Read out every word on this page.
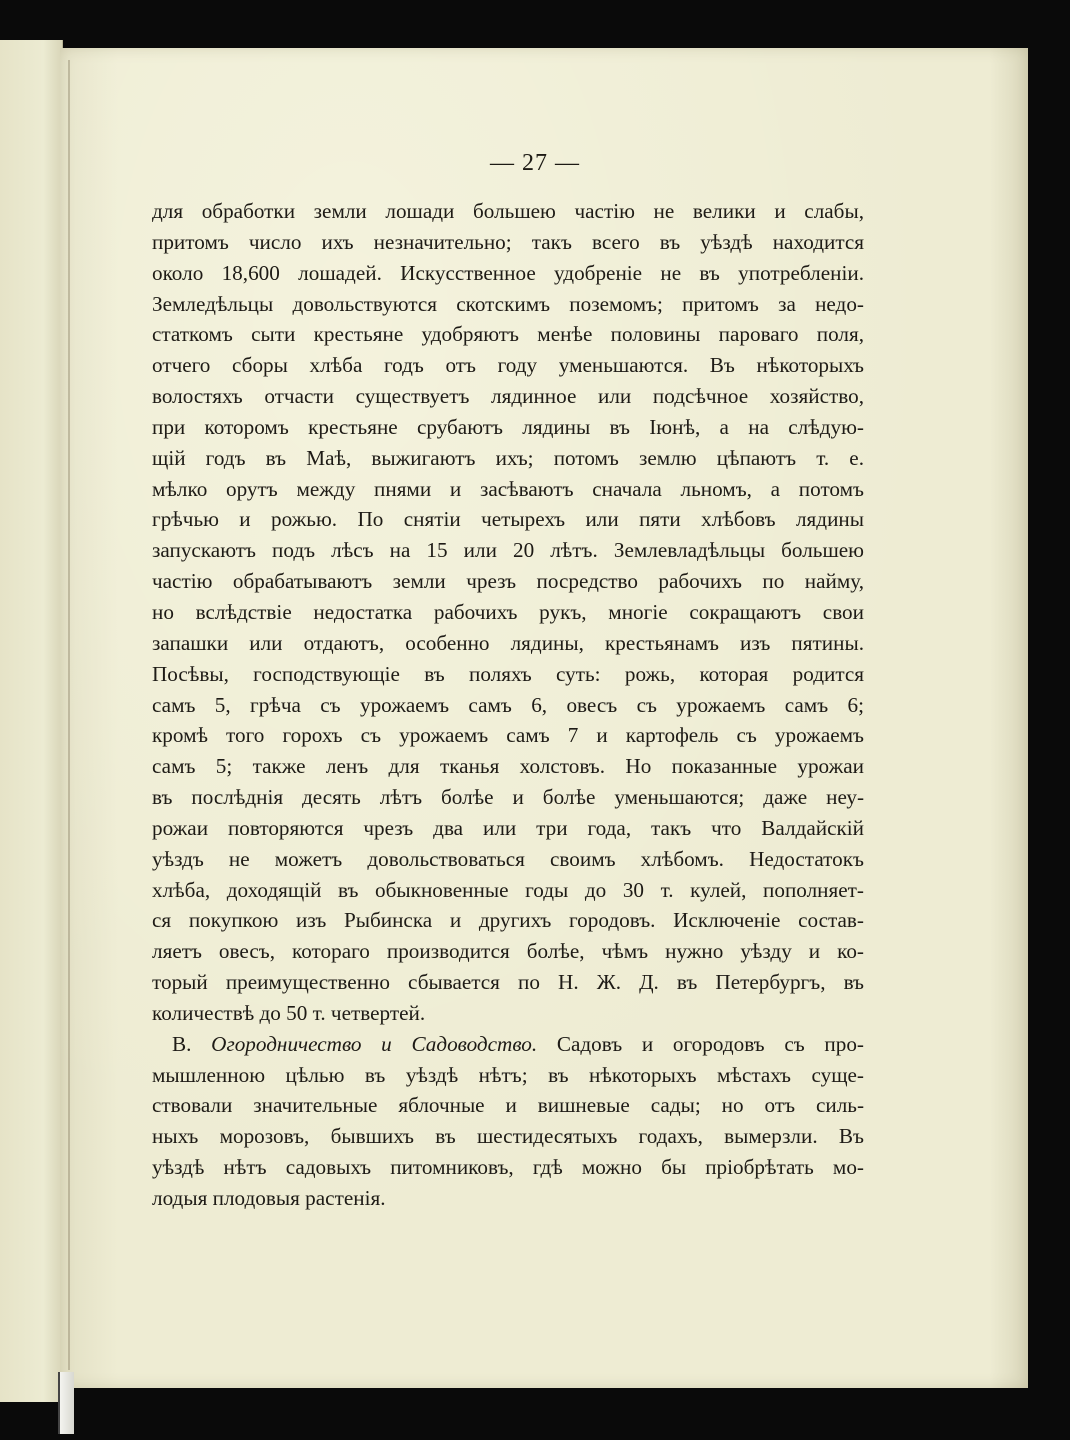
— 27 —
для обработки земли лошади большею частію не велики и слабы,
притомъ число ихъ незначительно; такъ всего въ уѣздѣ находится
около 18,600 лошадей. Искусственное удобреніе не въ употребленіи.
Земледѣльцы довольствуются скотскимъ поземомъ; притомъ за недо-
статкомъ сыти крестьяне удобряютъ менѣе половины пароваго поля,
отчего сборы хлѣба годъ отъ году уменьшаются. Въ нѣкоторыхъ
волостяхъ отчасти существуетъ лядинное или подсѣчное хозяйство,
при которомъ крестьяне срубаютъ лядины въ Іюнѣ, а на слѣдую-
щій годъ въ Маѣ, выжигаютъ ихъ; потомъ землю цѣпаютъ т. е.
мѣлко орутъ между пнями и засѣваютъ сначала льномъ, а потомъ
грѣчью и рожью. По снятіи четырехъ или пяти хлѣбовъ лядины
запускаютъ подъ лѣсъ на 15 или 20 лѣтъ. Землевладѣльцы большею
частію обрабатываютъ земли чрезъ посредство рабочихъ по найму,
но вслѣдствіе недостатка рабочихъ рукъ, многіе сокращаютъ свои
запашки или отдаютъ, особенно лядины, крестьянамъ изъ пятины.
Посѣвы, господствующіе въ поляхъ суть: рожь, которая родится
самъ 5, грѣча съ урожаемъ самъ 6, овесъ съ урожаемъ самъ 6;
кромѣ того горохъ съ урожаемъ самъ 7 и картофель съ урожаемъ
самъ 5; также ленъ для тканья холстовъ. Но показанные урожаи
въ послѣднія десять лѣтъ болѣе и болѣе уменьшаются; даже неу-
рожаи повторяются чрезъ два или три года, такъ что Валдайскій
уѣздъ не можетъ довольствоваться своимъ хлѣбомъ. Недостатокъ
хлѣба, доходящій въ обыкновенные годы до 30 т. кулей, пополняет-
ся покупкою изъ Рыбинска и другихъ городовъ. Исключеніе состав-
ляетъ овесъ, котораго производится болѣе, чѣмъ нужно уѣзду и ко-
торый преимущественно сбывается по Н. Ж. Д. въ Петербургъ, въ
количествѣ до 50 т. четвертей.
В. Огородничество и Садоводство. Садовъ и огородовъ съ про-
мышленною цѣлью въ уѣздѣ нѣтъ; въ нѣкоторыхъ мѣстахъ суще-
ствовали значительные яблочные и вишневые сады; но отъ силь-
ныхъ морозовъ, бывшихъ въ шестидесятыхъ годахъ, вымерзли. Въ
уѣздѣ нѣтъ садовыхъ питомниковъ, гдѣ можно бы пріобрѣтать мо-
лодыя плодовыя растенія.
